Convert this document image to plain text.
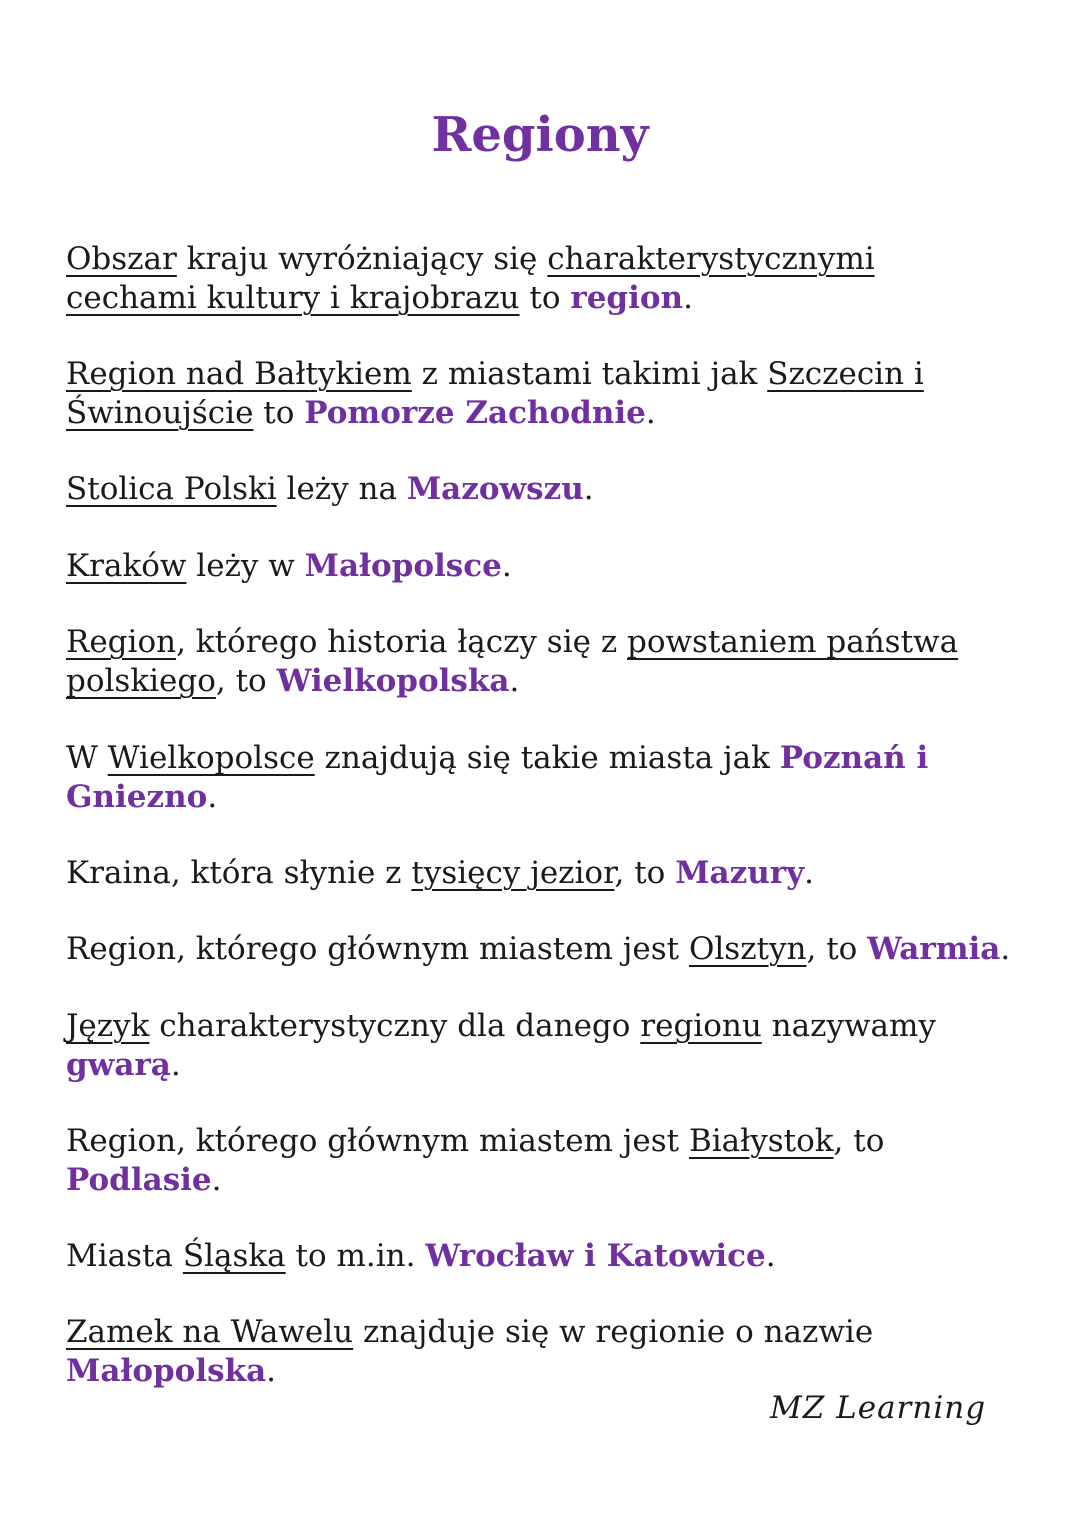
Regiony

Obszar kraju wyróżniający się charakterystycznymi
cechami kultury i krajobrazu to region.

Region nad Bałtykiem z miastami takimi jak Szczecin i
Świnoujście to Pomorze Zachodnie.

Stolica Polski leży na Mazowszu.

Kraków leży w Małopolsce.

Region, którego historia łączy się z powstaniem państwa
polskiego, to Wielkopolska.

W Wielkopolsce znajdują się takie miasta jak Poznań i
Gniezno.

Kraina, która słynie z tysięcy jezior, to Mazury.

Region, którego głównym miastem jest Olsztyn, to Warmia.

Język charakterystyczny dla danego regionu nazywamy
gwarą.

Region, którego głównym miastem jest Białystok, to
Podlasie.

Miasta Śląska to m.in. Wrocław i Katowice.

Zamek na Wawelu znajduje się w regionie o nazwie
Małopolska.

MZ Learning
